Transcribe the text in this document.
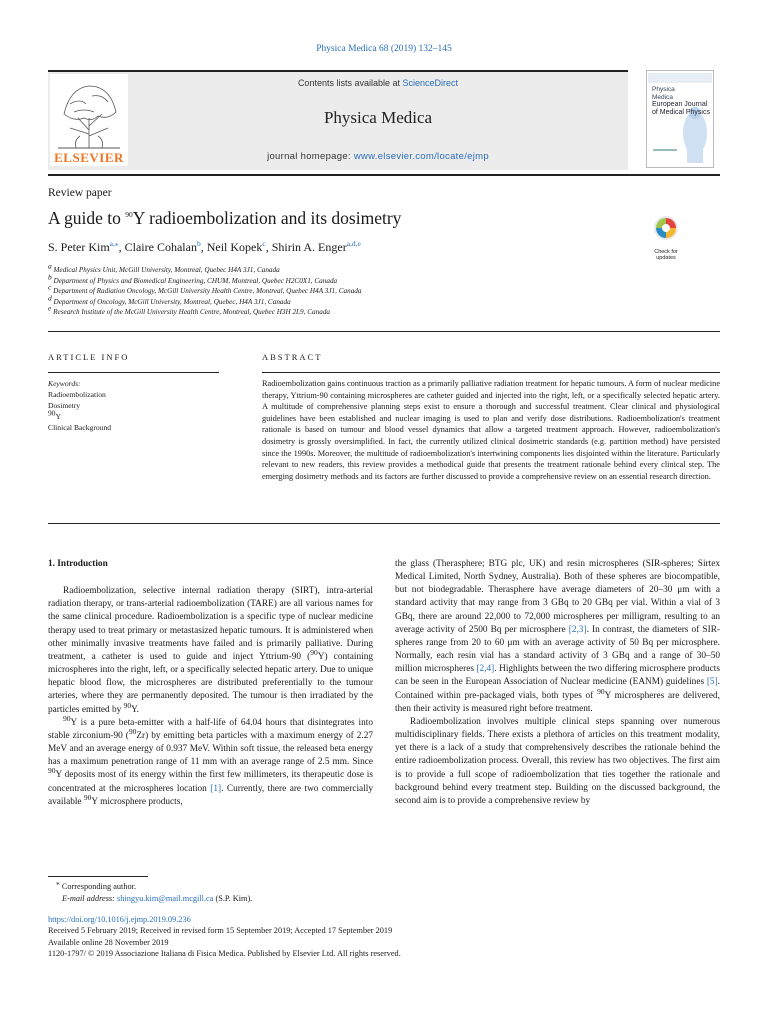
Physica Medica 68 (2019) 132–145
ELSEVIER
Contents lists available at ScienceDirect
Physica Medica
journal homepage: www.elsevier.com/locate/ejmp
Physica
Medica
European Journal
of Medical Physics
Review paper
A guide to $^{90}$Y radioembolization and its dosimetry
Check for
updates
S. Peter Kim$^{a,⁎}$, Claire Cohalan$^b$, Neil Kopek$^c$, Shirin A. Enger$^{a,d,e}$
a Medical Physics Unit, McGill University, Montreal, Quebec H4A 3J1, Canada
b Department of Physics and Biomedical Engineering, CHUM, Montreal, Quebec H2C0X1, Canada
c Department of Radiation Oncology, McGill University Health Centre, Montreal, Quebec H4A 3J1, Canada
d Department of Oncology, McGill University, Montreal, Quebec, H4A 3J1, Canada
e Research Institute of the McGill University Health Centre, Montreal, Quebec H3H 2L9, Canada
ARTICLE INFO
Keywords:
Radioembolization
Dosimetry
90Y
Clinical Background
ABSTRACT
Radioembolization gains continuous traction as a primarily palliative radiation treatment for hepatic tumours. A form of nuclear medicine therapy, Yttrium-90 containing microspheres are catheter guided and injected into the right, left, or a specifically selected hepatic artery. A multitude of comprehensive planning steps exist to ensure a thorough and successful treatment. Clear clinical and physiological guidelines have been established and nuclear imaging is used to plan and verify dose distributions. Radioembolization's treatment rationale is based on tumour and blood vessel dynamics that allow a targeted treatment approach. However, radioembolization's dosimetry is grossly oversimplified. In fact, the currently utilized clinical dosimetric standards (e.g. partition method) have persisted since the 1990s. Moreover, the multitude of radioembolization's intertwining components lies disjointed within the literature. Particularly relevant to new readers, this review provides a methodical guide that presents the treatment rationale behind every clinical step. The emerging dosimetry methods and its factors are further discussed to provide a comprehensive review on an essential research direction.

1. Introduction

Radioembolization, selective internal radiation therapy (SIRT), intra-arterial radiation therapy, or trans-arterial radioembolization (TARE) are all various names for the same clinical procedure. Radioembolization is a specific type of nuclear medicine therapy used to treat primary or metastasized hepatic tumours. It is administered when other minimally invasive treatments have failed and is primarily palliative. During treatment, a catheter is used to guide and inject Yttrium-90 ($^{90}$Y) containing microspheres into the right, left, or a specifically selected hepatic artery. Due to unique hepatic blood flow, the microspheres are distributed preferentially to the tumour arteries, where they are permanently deposited. The tumour is then irradiated by the particles emitted by $^{90}$Y.

$^{90}$Y is a pure beta-emitter with a half-life of 64.04 hours that disintegrates into stable zirconium-90 ($^{90}$Zr) by emitting beta particles with a maximum energy of 2.27 MeV and an average energy of 0.937 MeV. Within soft tissue, the released beta energy has a maximum penetration range of 11 mm with an average range of 2.5 mm. Since $^{90}$Y deposits most of its energy within the first few millimeters, its therapeutic dose is concentrated at the microspheres location [1]. Currently, there are two commercially available $^{90}$Y microsphere products,

the glass (Therasphere; BTG plc, UK) and resin microspheres (SIR-spheres; Sirtex Medical Limited, North Sydney, Australia). Both of these spheres are biocompatible, but not biodegradable. Therasphere have average diameters of 20–30 μm with a standard activity that may range from 3 GBq to 20 GBq per vial. Within a vial of 3 GBq, there are around 22,000 to 72,000 microspheres per milligram, resulting to an average activity of 2500 Bq per microsphere [2,3]. In contrast, the diameters of SIR-spheres range from 20 to 60 μm with an average activity of 50 Bq per microsphere. Normally, each resin vial has a standard activity of 3 GBq and a range of 30–50 million microspheres [2,4]. Highlights between the two differing microsphere products can be seen in the European Association of Nuclear medicine (EANM) guidelines [5]. Contained within pre-packaged vials, both types of $^{90}$Y microspheres are delivered, then their activity is measured right before treatment.

Radioembolization involves multiple clinical steps spanning over numerous multidisciplinary fields. There exists a plethora of articles on this treatment modality, yet there is a lack of a study that comprehensively describes the rationale behind the entire radioembolization process. Overall, this review has two objectives. The first aim is to provide a full scope of radioembolization that ties together the rationale and background behind every treatment step. Building on the discussed background, the second aim is to provide a comprehensive review by

⁎ Corresponding author.
E-mail address: shingyu.kim@mail.mcgill.ca (S.P. Kim).
https://doi.org/10.1016/j.ejmp.2019.09.236
Received 5 February 2019; Received in revised form 15 September 2019; Accepted 17 September 2019
Available online 28 November 2019
1120-1797/ © 2019 Associazione Italiana di Fisica Medica. Published by Elsevier Ltd. All rights reserved.
